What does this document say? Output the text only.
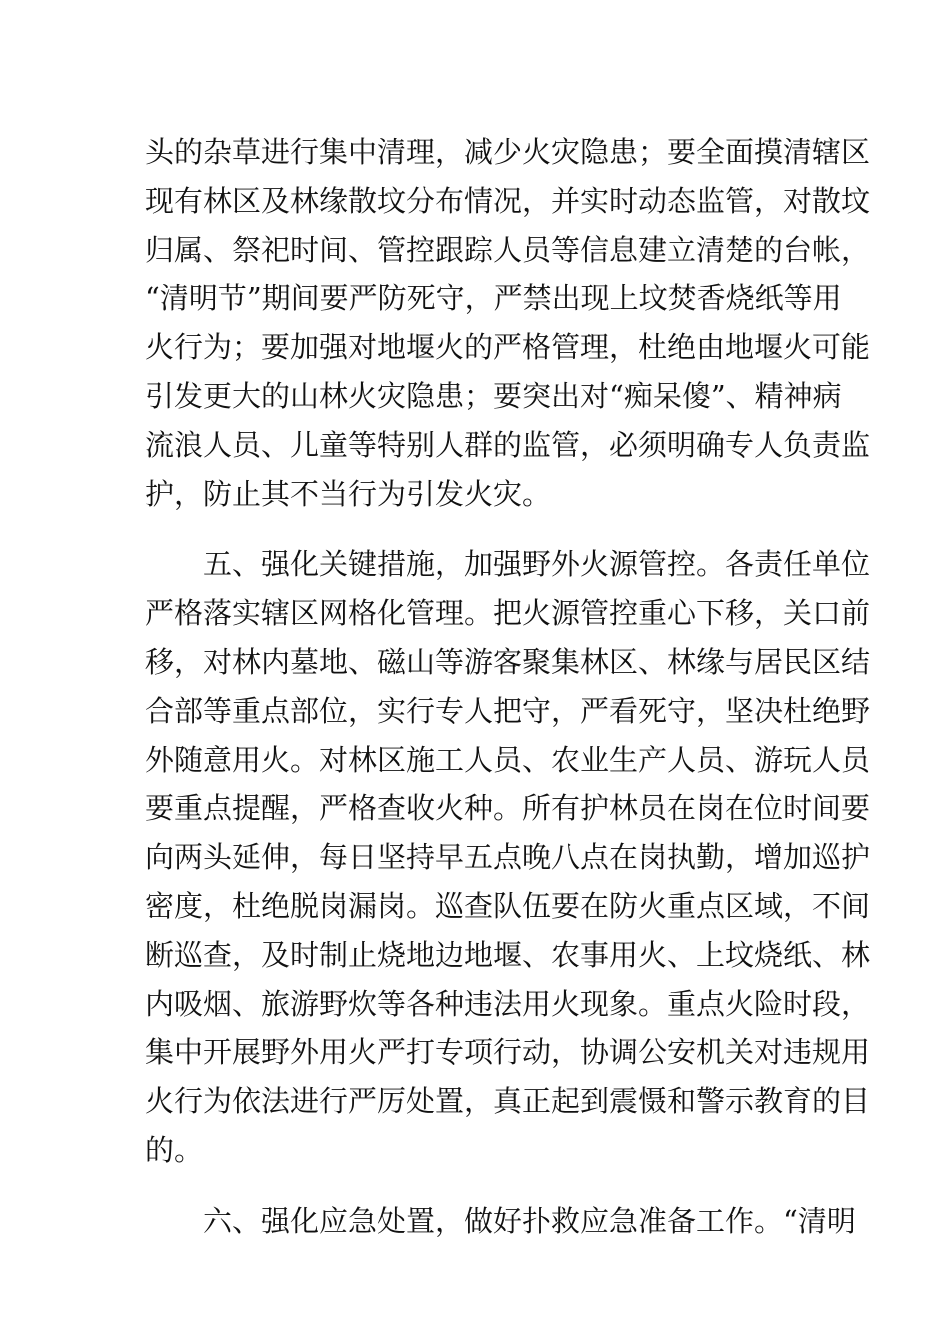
头的杂草进行集中清理，减少火灾隐患；要全面摸清辖区
现有林区及林缘散坟分布情况，并实时动态监管，对散坟
归属、祭祀时间、管控跟踪人员等信息建立清楚的台帐，
“清明节”期间要严防死守，严禁出现上坟焚香烧纸等用
火行为；要加强对地堰火的严格管理，杜绝由地堰火可能
引发更大的山林火灾隐患；要突出对“痴呆傻”、精神病
流浪人员、儿童等特别人群的监管，必须明确专人负责监
护，防止其不当行为引发火灾。
五、强化关键措施，加强野外火源管控。各责任单位
严格落实辖区网格化管理。把火源管控重心下移，关口前
移，对林内墓地、磁山等游客聚集林区、林缘与居民区结
合部等重点部位，实行专人把守，严看死守，坚决杜绝野
外随意用火。对林区施工人员、农业生产人员、游玩人员
要重点提醒，严格查收火种。所有护林员在岗在位时间要
向两头延伸，每日坚持早五点晚八点在岗执勤，增加巡护
密度，杜绝脱岗漏岗。巡查队伍要在防火重点区域，不间
断巡查，及时制止烧地边地堰、农事用火、上坟烧纸、林
内吸烟、旅游野炊等各种违法用火现象。重点火险时段，
集中开展野外用火严打专项行动，协调公安机关对违规用
火行为依法进行严厉处置，真正起到震慑和警示教育的目
的。
六、强化应急处置，做好扑救应急准备工作。“清明
